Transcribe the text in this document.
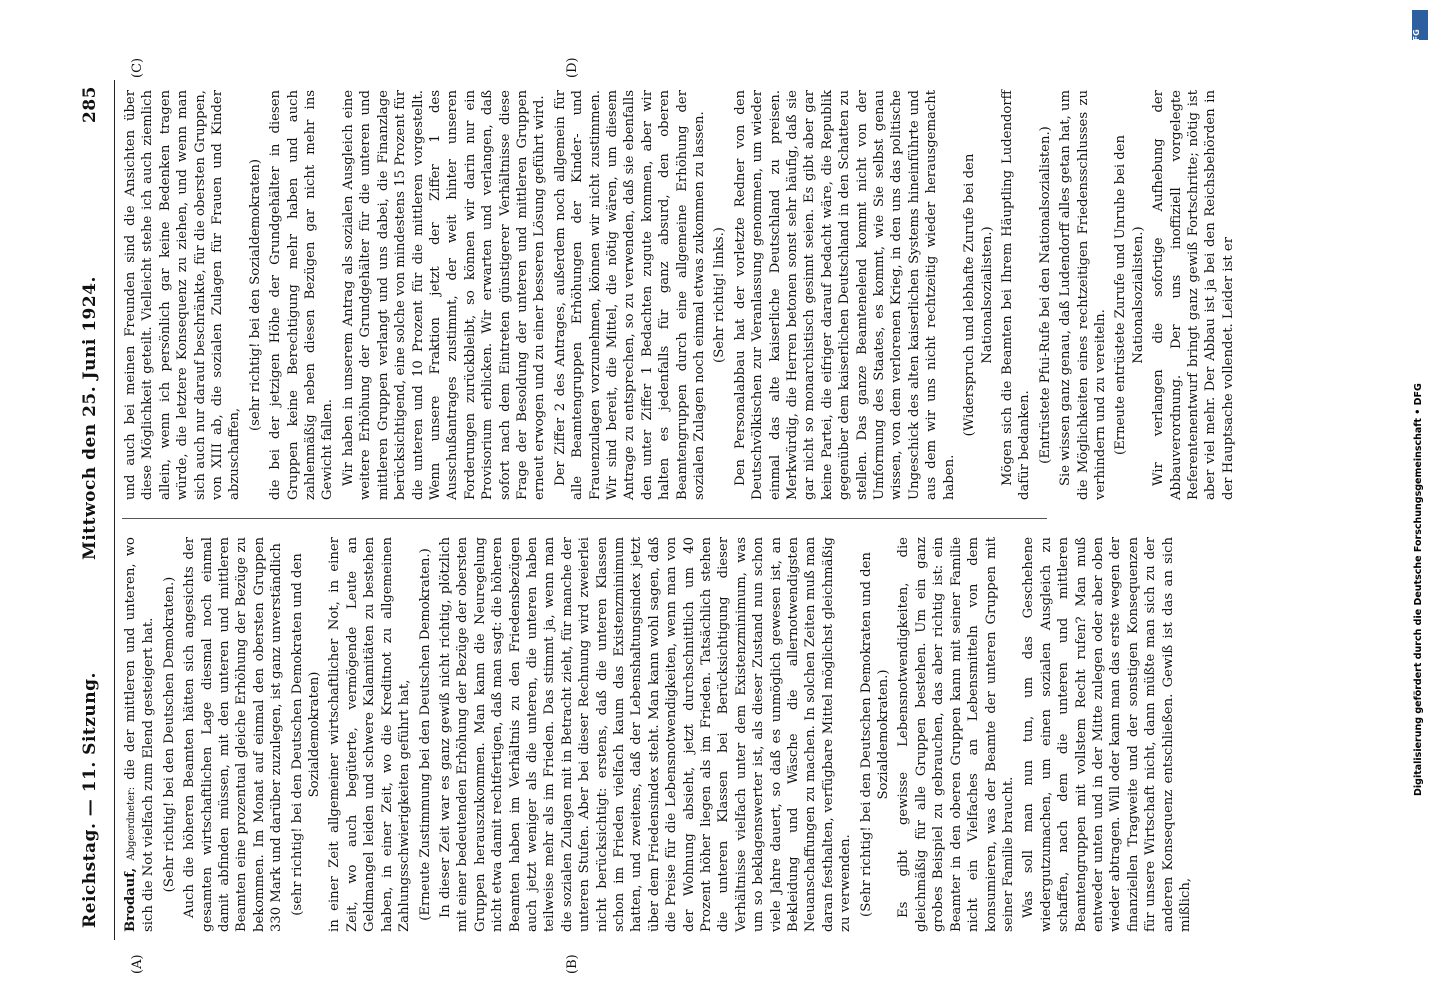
Reichstag. — 11. Sitzung.
Mittwoch den 25. Juni 1924.
285
(A)	(B)
(C)	(D)

Brodauf, Abgeordneter: die der mittleren und unteren, wo sich die Not vielfach zum Elend gesteigert hat. (Sehr richtig! bei den Deutschen Demokraten.) Auch die höheren Beamten hätten sich angesichts der gesamten wirtschaftlichen Lage diesmal noch einmal damit abfinden müssen, mit den unteren und mittleren Beamten eine prozentual gleiche Erhöhung der Bezüge zu bekommen. Im Monat auf einmal den obersten Gruppen 330 Mark und darüber zuzulegen, ist ganz unverständlich (sehr richtig! bei den Deutschen Demokraten und den Sozialdemokraten) in einer Zeit allgemeiner wirtschaftlicher Not, in einer Zeit, wo auch begüterte, vermögende Leute an Geldmangel leiden und schwere Kalamitäten zu bestehen haben, in einer Zeit, wo die Kreditnot zu allgemeinen Zahlungsschwierigkeiten geführt hat, (Erneute Zustimmung bei den Deutschen Demokraten.) In dieser Zeit war es ganz gewiß nicht richtig, plötzlich mit einer bedeutenden Erhöhung der Bezüge der obersten Gruppen herauszukommen. Man kann die Neuregelung nicht etwa damit rechtfertigen, daß man sagt: die höheren Beamten haben im Verhältnis zu den Friedensbezügen auch jetzt weniger als die unteren, die unteren haben teilweise mehr als im Frieden. Das stimmt ja, wenn man die sozialen Zulagen mit in Betracht zieht, für manche der unteren Stufen. Aber bei dieser Rechnung wird zweierlei nicht berücksichtigt: erstens, daß die unteren Klassen schon im Frieden vielfach kaum das Existenzminimum hatten, und zweitens, daß der Lebenshaltungsindex jetzt über dem Friedensindex steht. Man kann wohl sagen, daß die Preise für die Lebensnotwendigkeiten, wenn man von der Wohnung absieht, jetzt durchschnittlich um 40 Prozent höher liegen als im Frieden. Tatsächlich stehen die unteren Klassen bei Berücksichtigung dieser Verhältnisse vielfach unter dem Existenzminimum, was um so beklagenswerter ist, als dieser Zustand nun schon viele Jahre dauert, so daß es unmöglich gewesen ist, an Bekleidung und Wäsche die allernotwendigsten Neuanschaffungen zu machen. In solchen Zeiten muß man daran festhalten, verfügbare Mittel möglichst gleichmäßig zu verwenden. (Sehr richtig! bei den Deutschen Demokraten und den Sozialdemokraten.) Es gibt gewisse Lebensnotwendigkeiten, die gleichmäßig für alle Gruppen bestehen. Um ein ganz grobes Beispiel zu gebrauchen, das aber richtig ist: ein Beamter in den oberen Gruppen kann mit seiner Familie nicht ein Vielfaches an Lebensmitteln von dem konsumieren, was der Beamte der unteren Gruppen mit seiner Familie braucht. Was soll man nun tun, um das Geschehene wiedergutzumachen, um einen sozialen Ausgleich zu schaffen, nach dem die unteren und mittleren Beamtengruppen mit vollstem Recht rufen? Man muß entweder unten und in der Mitte zulegen oder aber oben wieder abtragen. Will oder kann man das erste wegen der finanziellen Tragweite und der sonstigen Konsequenzen für unsere Wirtschaft nicht, dann müßte man sich zu der anderen Konsequenz entschließen. Gewiß ist das an sich mißlich,

und auch bei meinen Freunden sind die Ansichten über diese Möglichkeit geteilt. Vielleicht stehe ich auch ziemlich allein, wenn ich persönlich gar keine Bedenken tragen würde, die letztere Konsequenz zu ziehen, und wenn man sich auch nur darauf beschränkte, für die obersten Gruppen, von XIII ab, die sozialen Zulagen für Frauen und Kinder abzuschaffen,

(sehr richtig! bei den Sozialdemokraten) die bei der jetzigen Höhe der Grundgehälter in diesen Gruppen keine Berechtigung mehr haben und auch zahlenmäßig neben diesen Bezügen gar nicht mehr ins Gewicht fallen. Wir haben in unserem Antrag als sozialen Ausgleich eine weitere Erhöhung der Grundgehälter für die unteren und mittleren Gruppen verlangt und uns dabei, die Finanzlage berücksichtigend, eine solche von mindestens 15 Prozent für die unteren und 10 Prozent für die mittleren vorgestellt. Wenn unsere Fraktion jetzt der Ziffer 1 des Ausschußantrages zustimmt, der weit hinter unseren Forderungen zurückbleibt, so können wir darin nur ein Provisorium erblicken. Wir erwarten und verlangen, daß sofort nach dem Eintreten günstigerer Verhältnisse diese Frage der Besoldung der unteren und mittleren Gruppen erneut erwogen und zu einer besseren Lösung geführt wird. Der Ziffer 2 des Antrages, außerdem noch allgemein für alle Beamtengruppen Erhöhungen der Kinder- und Frauenzulagen vorzunehmen, können wir nicht zustimmen. Wir sind bereit, die Mittel, die nötig wären, um diesem Antrage zu entsprechen, so zu verwenden, daß sie ebenfalls den unter Ziffer 1 Bedachten zugute kommen, aber wir halten es jedenfalls für ganz absurd, den oberen Beamtengruppen durch eine allgemeine Erhöhung der sozialen Zulagen noch einmal etwas zukommen zu lassen. (Sehr richtig! links.) Den Personalabbau hat der vorletzte Redner von den Deutschvölkischen zur Veranlassung genommen, um wieder einmal das alte kaiserliche Deutschland zu preisen. Merkwürdig, die Herren betonen sonst sehr häufig, daß sie gar nicht so monarchistisch gesinnt seien. Es gibt aber gar keine Partei, die eifriger darauf bedacht wäre, die Republik gegenüber dem kaiserlichen Deutschland in den Schatten zu stellen. Das ganze Beamtenelend kommt nicht von der Umformung des Staates, es kommt, wie Sie selbst genau wissen, von dem verlorenen Krieg, in den uns das politische Ungeschick des alten kaiserlichen Systems hineinführte und aus dem wir uns nicht rechtzeitig wieder herausgemacht haben.

(Widerspruch und lebhafte Zurufe bei den Nationalsozialisten.) Mögen sich die Beamten bei Ihrem Häuptling Ludendorff dafür bedanken. (Entrüstete Pfui-Rufe bei den Nationalsozialisten.) Sie wissen ganz genau, daß Ludendorff alles getan hat, um die Möglichkeiten eines rechtzeitigen Friedensschlusses zu verhindern und zu vereiteln. (Erneute entrüstete Zurufe und Unruhe bei den Nationalsozialisten.) Wir verlangen die sofortige Aufhebung der Abbauverordnung. Der uns inoffiziell vorgelegte Referentenentwurf bringt ganz gewiß Fortschritte; nötig ist aber viel mehr. Der Abbau ist ja bei den Reichsbehörden in der Hauptsache vollendet. Leider ist er

DFG
Digitalisierung gefördert durch die Deutsche Forschungsgemeinschaft • DFG
